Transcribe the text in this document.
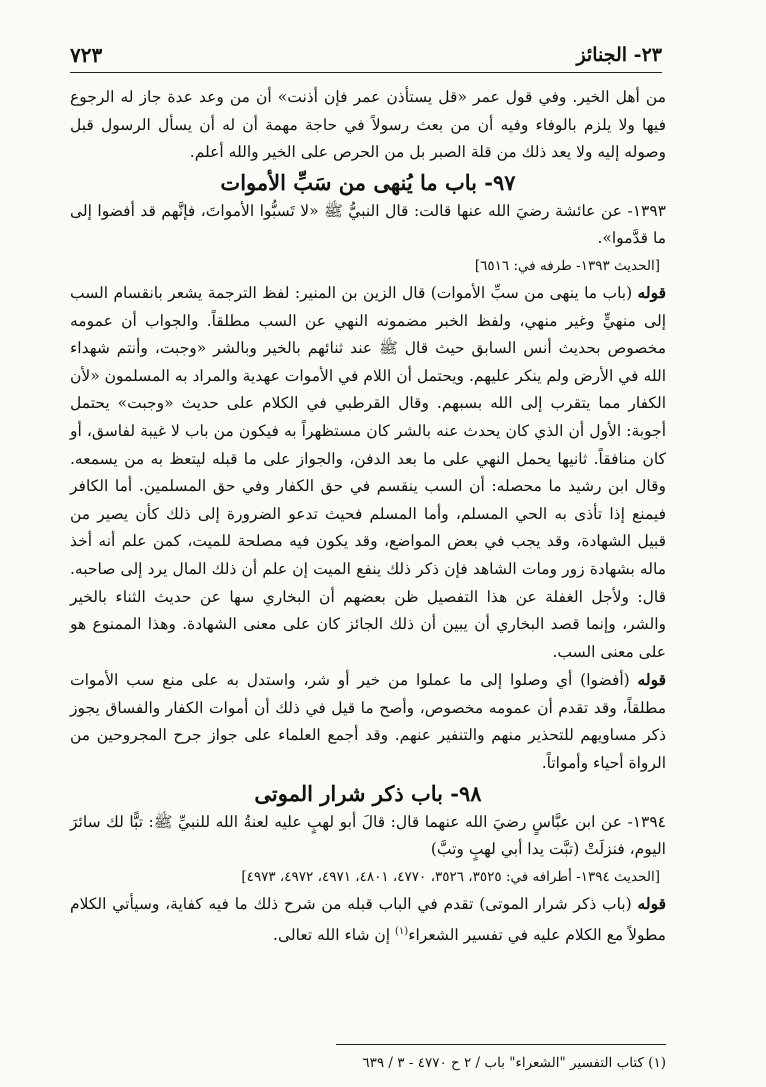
٢٣- الجنائز
٧٢٣

من أهل الخير. وفي قول عمر «قل يستأذن عمر فإن أذنت» أن من وعد عدة جاز له الرجوع فيها ولا يلزم بالوفاء وفيه أن من بعث رسولاً في حاجة مهمة أن له أن يسأل الرسول قبل وصوله إليه ولا يعد ذلك من قلة الصبر بل من الحرص على الخير والله أعلم.

٩٧- باب ما يُنهى من سَبِّ الأموات

١٣٩٣- عن عائشة رضيَ الله عنها قالت: قال النبيُّ ﷺ «لا تَسبُّوا الأمواتَ، فإنَّهم قد أفضوا إلى ما قدَّموا».

[الحديث ١٣٩٣- طرفه في: ٦٥١٦]

قوله (باب ما ينهى من سبِّ الأموات) قال الزين بن المنير: لفظ الترجمة يشعر بانقسام السب إلى منهيٍّ وغير منهي، ولفظ الخبر مضمونه النهي عن السب مطلقاً. والجواب أن عمومه مخصوص بحديث أنس السابق حيث قال ﷺ عند ثنائهم بالخير وبالشر «وجبت، وأنتم شهداء الله في الأرض ولم ينكر عليهم. ويحتمل أن اللام في الأموات عهدية والمراد به المسلمون «لأن الكفار مما يتقرب إلى الله بسبهم. وقال القرطبي في الكلام على حديث «وجبت» يحتمل أجوبة: الأول أن الذي كان يحدث عنه بالشر كان مستظهراً به فيكون من باب لا غيبة لفاسق، أو كان منافقاً. ثانيها يحمل النهي على ما بعد الدفن، والجواز على ما قبله ليتعظ به من يسمعه. وقال ابن رشيد ما محصله: أن السب ينقسم في حق الكفار وفي حق المسلمين. أما الكافر فيمنع إذا تأذى به الحي المسلم، وأما المسلم فحيث تدعو الضرورة إلى ذلك كأن يصير من قبيل الشهادة، وقد يجب في بعض المواضع، وقد يكون فيه مصلحة للميت، كمن علم أنه أخذ ماله بشهادة زور ومات الشاهد فإن ذكر ذلك ينفع الميت إن علم أن ذلك المال يرد إلى صاحبه. قال: ولأجل الغفلة عن هذا التفصيل ظن بعضهم أن البخاري سها عن حديث الثناء بالخير والشر، وإنما قصد البخاري أن يبين أن ذلك الجائز كان على معنى الشهادة. وهذا الممنوع هو على معنى السب.

قوله (أفضوا) أي وصلوا إلى ما عملوا من خير أو شر، واستدل به على منع سب الأموات مطلقاً، وقد تقدم أن عمومه مخصوص، وأصح ما قيل في ذلك أن أموات الكفار والفساق يجوز ذكر مساويهم للتحذير منهم والتنفير عنهم. وقد أجمع العلماء على جواز جرح المجروحين من الرواة أحياء وأمواتاً.

٩٨- باب ذكر شرار الموتى

١٣٩٤- عن ابن عبَّاسٍ رضيَ الله عنهما قال: قالَ أبو لهبٍ عليه لعنةُ الله للنبيِّ ﷺ: تبًّا لك سائرَ اليوم، فنزلَتْ (تبَّت يدا أبي لهبٍ وتبَّ)

[الحديث ١٣٩٤- أطرافه في: ٣٥٢٥، ٣٥٢٦، ٤٧٧٠، ٤٨٠١، ٤٩٧١، ٤٩٧٢، ٤٩٧٣]

قوله (باب ذكر شرار الموتى) تقدم في الباب قبله من شرح ذلك ما فيه كفاية، وسيأتي الكلام مطولاً مع الكلام عليه في تفسير الشعراء$^{(١)}$ إن شاء الله تعالى.

(١) كتاب التفسير "الشعراء" باب / ٢ ح ٤٧٧٠ - ٣ / ٦٣٩
